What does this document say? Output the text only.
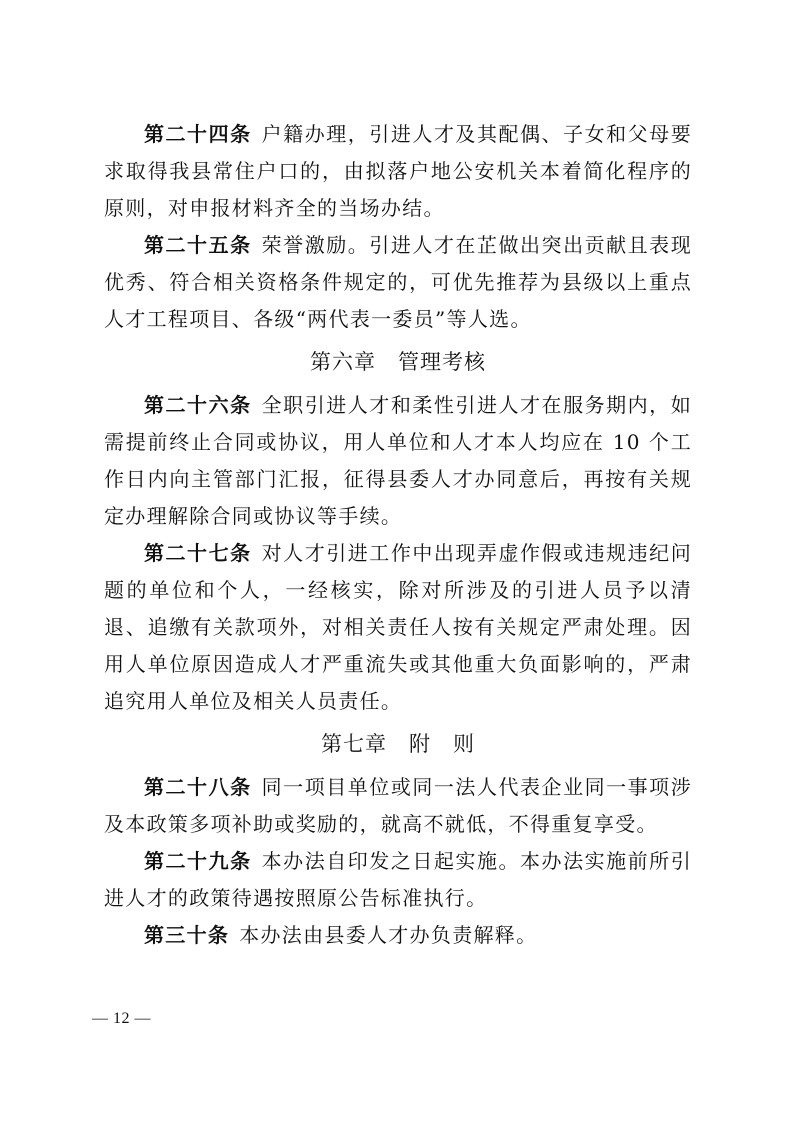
第二十四条 户籍办理，引进人才及其配偶、子女和父母要求取得我县常住户口的，由拟落户地公安机关本着简化程序的原则，对申报材料齐全的当场办结。

第二十五条 荣誉激励。引进人才在芷做出突出贡献且表现优秀、符合相关资格条件规定的，可优先推荐为县级以上重点人才工程项目、各级“两代表一委员”等人选。

第六章　管理考核

第二十六条 全职引进人才和柔性引进人才在服务期内，如需提前终止合同或协议，用人单位和人才本人均应在 10 个工作日内向主管部门汇报，征得县委人才办同意后，再按有关规定办理解除合同或协议等手续。

第二十七条 对人才引进工作中出现弄虚作假或违规违纪问题的单位和个人，一经核实，除对所涉及的引进人员予以清退、追缴有关款项外，对相关责任人按有关规定严肃处理。因用人单位原因造成人才严重流失或其他重大负面影响的，严肃追究用人单位及相关人员责任。

第七章　附　则

第二十八条 同一项目单位或同一法人代表企业同一事项涉及本政策多项补助或奖励的，就高不就低，不得重复享受。

第二十九条 本办法自印发之日起实施。本办法实施前所引进人才的政策待遇按照原公告标准执行。

第三十条 本办法由县委人才办负责解释。

— 12 —
